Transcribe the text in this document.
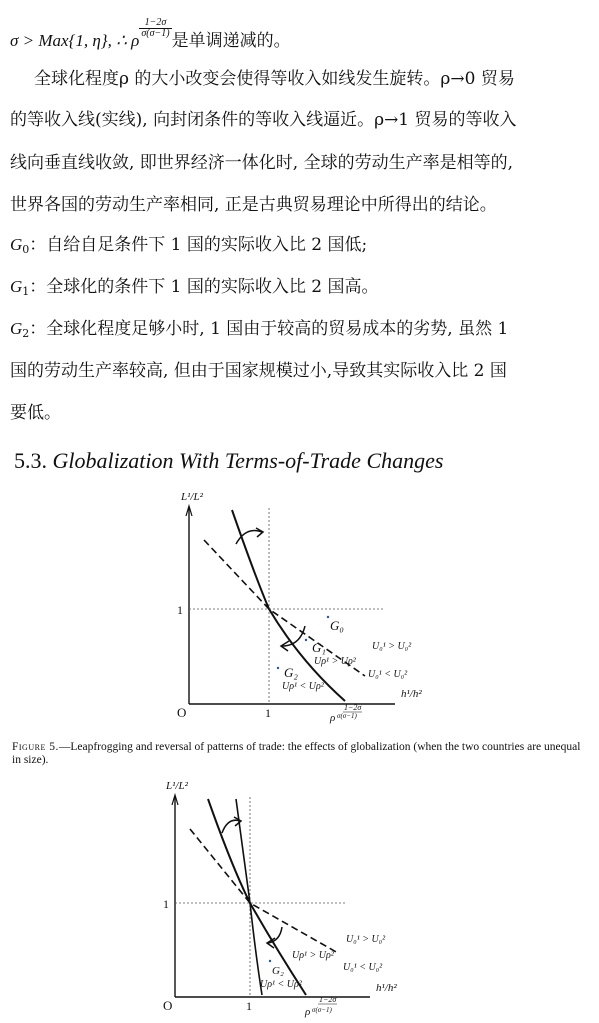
σ > Max{1, η}, ∴ ρ
$\frac{1-2\sigma}{\sigma(\sigma-1)}$
是单调递减的。
全球化程度ρ 的大小改变会使得等收入如线发生旋转。ρ→0 贸易
的等收入线(实线), 向封闭条件的等收入线逼近。ρ→1 贸易的等收入
线向垂直线收敛, 即世界经济一体化时, 全球的劳动生产率是相等的,
世界各国的劳动生产率相同, 正是古典贸易理论中所得出的结论。
$G_0$：自给自足条件下 1 国的实际收入比 2 国低;
$G_1$：全球化的条件下 1 国的实际收入比 2 国高。
$G_2$：全球化程度足够小时, 1 国由于较高的贸易成本的劣势, 虽然 1
国的劳动生产率较高, 但由于国家规模过小,导致其实际收入比 2 国
要低。
5.3. Globalization With Terms-of-Trade Changes
L¹/L²
h¹/h²
O
1
1
G₀
G₁
G₂
U₀¹ > U₀²
U₀¹ < U₀²
Uρ¹ > Uρ²
Uρ¹ < Uρ²
1−2σ
ρ σ(σ−1)
Figure 5.—Leapfrogging and reversal of patterns of trade: the effects of globalization (when the two countries are unequal in size).
L¹/L²
h¹/h²
O
1
1
G₂
U₀¹ > U₀²
U₀¹ < U₀²
Uρ¹ > Uρ²
Uρ¹ < Uρ²
1−2σ
ρ σ(σ−1)
